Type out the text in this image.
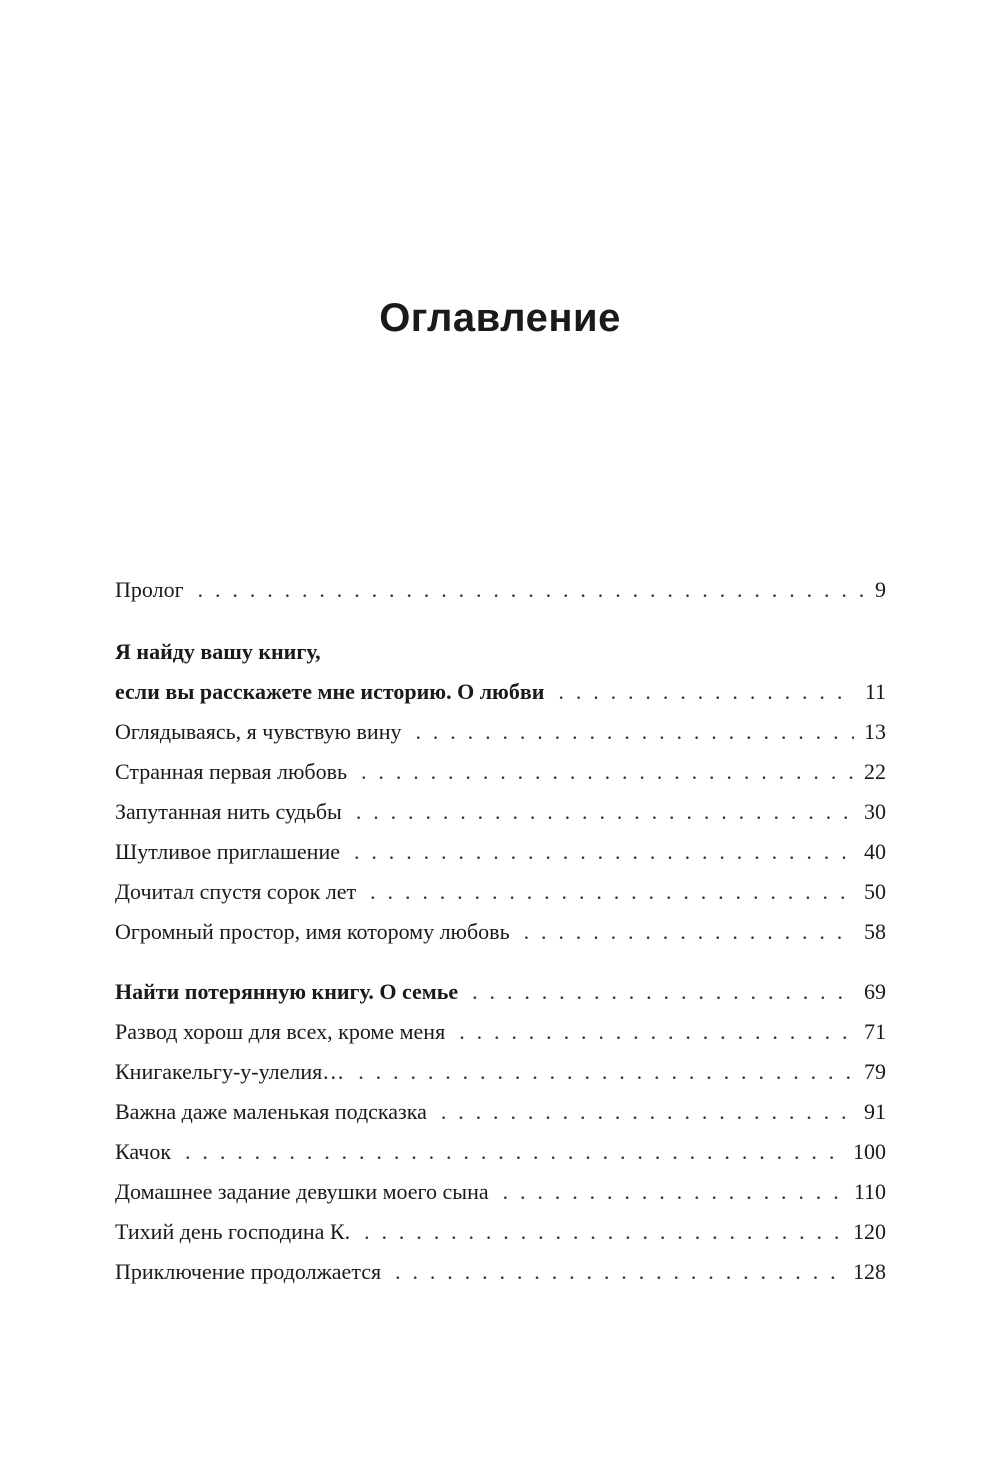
Оглавление
Пролог . . .	9
Я найду вашу книгу,
если вы расскажете мне историю. О любви . . .	11
Оглядываясь, я чувствую вину . . .	13
Странная первая любовь . . .	22
Запутанная нить судьбы . . .	30
Шутливое приглашение . . .	40
Дочитал спустя сорок лет . . .	50
Огромный простор, имя которому любовь . . .	58
Найти потерянную книгу. О семье . . .	69
Развод хорош для всех, кроме меня . . .	71
Книгакельгу-у-улелия… . . .	79
Важна даже маленькая подсказка . . .	91
Качок . . .	100
Домашнее задание девушки моего сына . . .	110
Тихий день господина К. . . .	120
Приключение продолжается . . .	128
